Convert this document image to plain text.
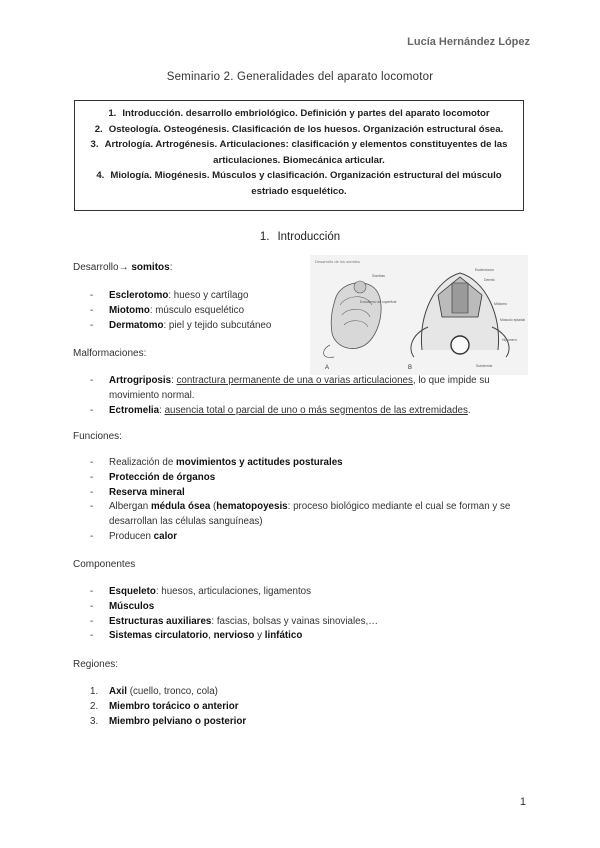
Lucía Hernández López
Seminario 2. Generalidades del aparato locomotor
1. Introducción. desarrollo embriológico. Definición y partes del aparato locomotor
2. Osteología. Osteogénesis. Clasificación de los huesos. Organización estructural ósea.
3. Artrología. Artrogénesis. Articulaciones: clasificación y elementos constituyentes de las articulaciones. Biomecánica articular.
4. Miología. Miogénesis. Músculos y clasificación. Organización estructural del músculo estriado esquelético.
1. Introducción
Desarrollo→ somitos:
- Esclerotomo: hueso y cartílago
- Miotomo: músculo esquelético
- Dermatomo: piel y tejido subcutáneo
Desarrollo de los somitos
A
Somitas
Ectodermo de superficie
B
Esclerotomo
Dermis
Miotomo
Músculo epiaxial
Subdermis
Hipómero
Malformaciones:
- Artrogriposis: contractura permanente de una o varias articulaciones, lo que impide su movimiento normal.
- Ectromelia: ausencia total o parcial de uno o más segmentos de las extremidades.
Funciones:
- Realización de movimientos y actitudes posturales
- Protección de órganos
- Reserva mineral
- Albergan médula ósea (hematopoyesis: proceso biológico mediante el cual se forman y se desarrollan las células sanguíneas)
- Producen calor
Componentes
- Esqueleto: huesos, articulaciones, ligamentos
- Músculos
- Estructuras auxiliares: fascias, bolsas y vainas sinoviales,…
- Sistemas circulatorio, nervioso y linfático
Regiones:
1. Axil (cuello, tronco, cola)
2. Miembro torácico o anterior
3. Miembro pelviano o posterior
1
